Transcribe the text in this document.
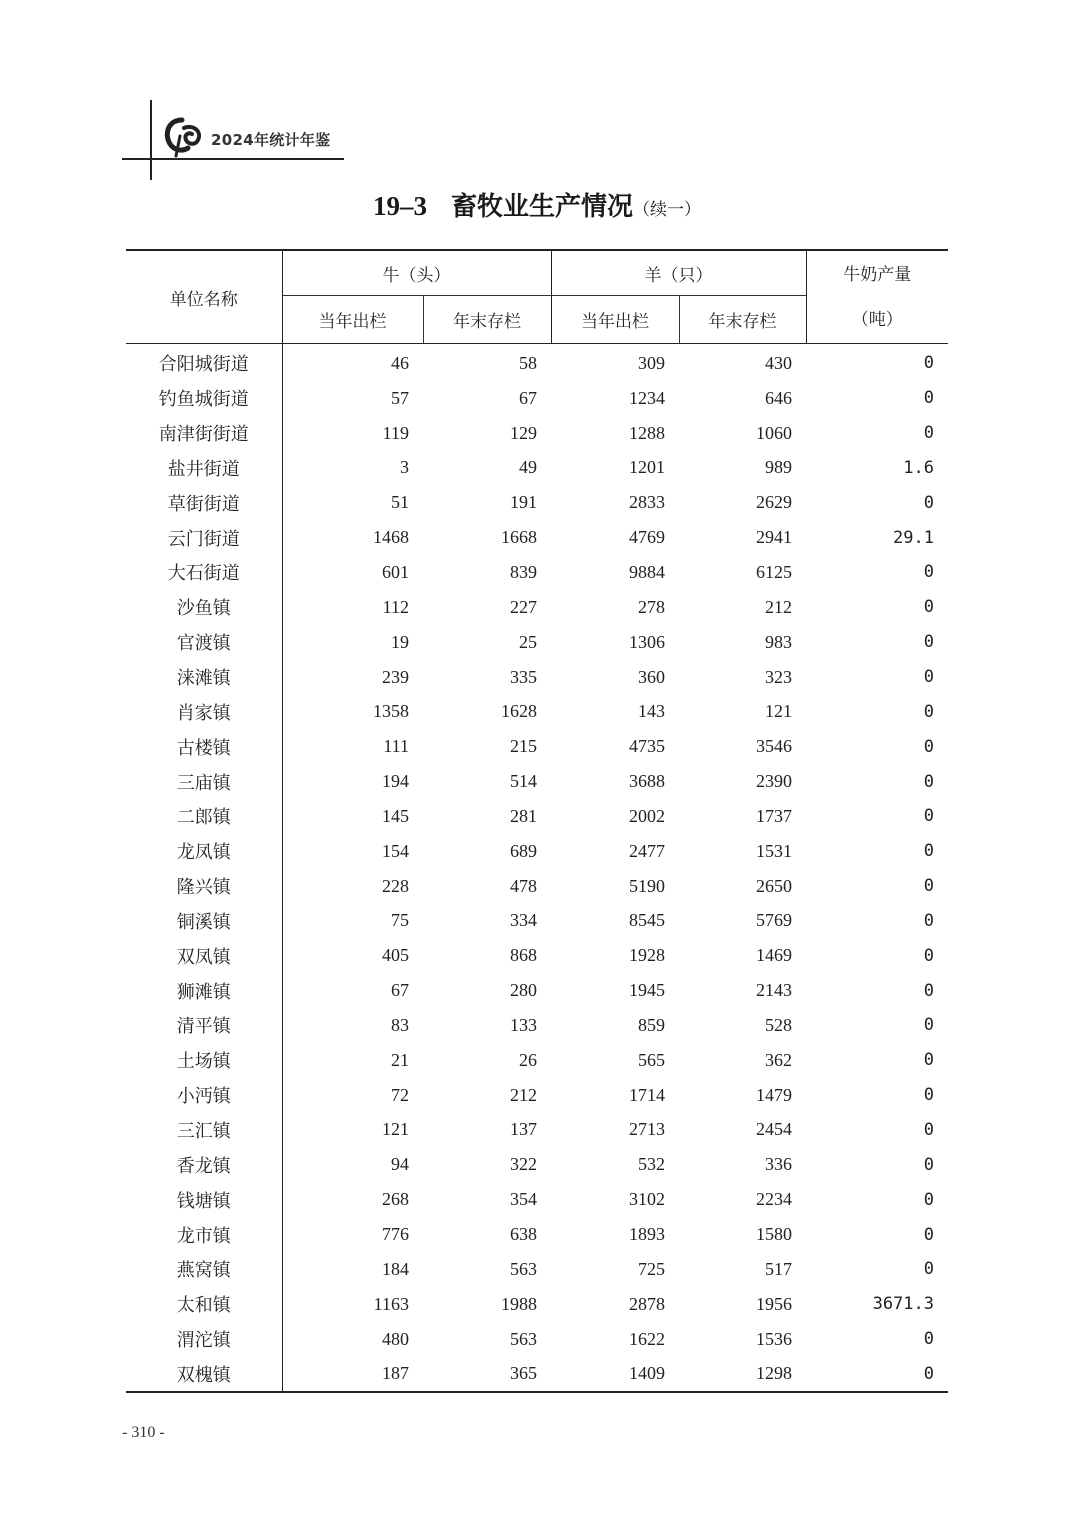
2024年统计年鉴
19–3 畜牧业生产情况（续一）
单位名称	牛（头）		羊（只）		牛奶产量
（吨）

	当年出栏	年末存栏	当年出栏	年末存栏	
合阳城街道	46	58	309	430	0
钓鱼城街道	57	67	1234	646	0
南津街街道	119	129	1288	1060	0
盐井街道	3	49	1201	989	1.6
草街街道	51	191	2833	2629	0
云门街道	1468	1668	4769	2941	29.1
大石街道	601	839	9884	6125	0
沙鱼镇	112	227	278	212	0
官渡镇	19	25	1306	983	0
涞滩镇	239	335	360	323	0
肖家镇	1358	1628	143	121	0
古楼镇	111	215	4735	3546	0
三庙镇	194	514	3688	2390	0
二郎镇	145	281	2002	1737	0
龙凤镇	154	689	2477	1531	0
隆兴镇	228	478	5190	2650	0
铜溪镇	75	334	8545	5769	0
双凤镇	405	868	1928	1469	0
狮滩镇	67	280	1945	2143	0
清平镇	83	133	859	528	0
土场镇	21	26	565	362	0
小沔镇	72	212	1714	1479	0
三汇镇	121	137	2713	2454	0
香龙镇	94	322	532	336	0
钱塘镇	268	354	3102	2234	0
龙市镇	776	638	1893	1580	0
燕窝镇	184	563	725	517	0
太和镇	1163	1988	2878	1956	3671.3
渭沱镇	480	563	1622	1536	0
双槐镇	187	365	1409	1298	0
- 310 -
